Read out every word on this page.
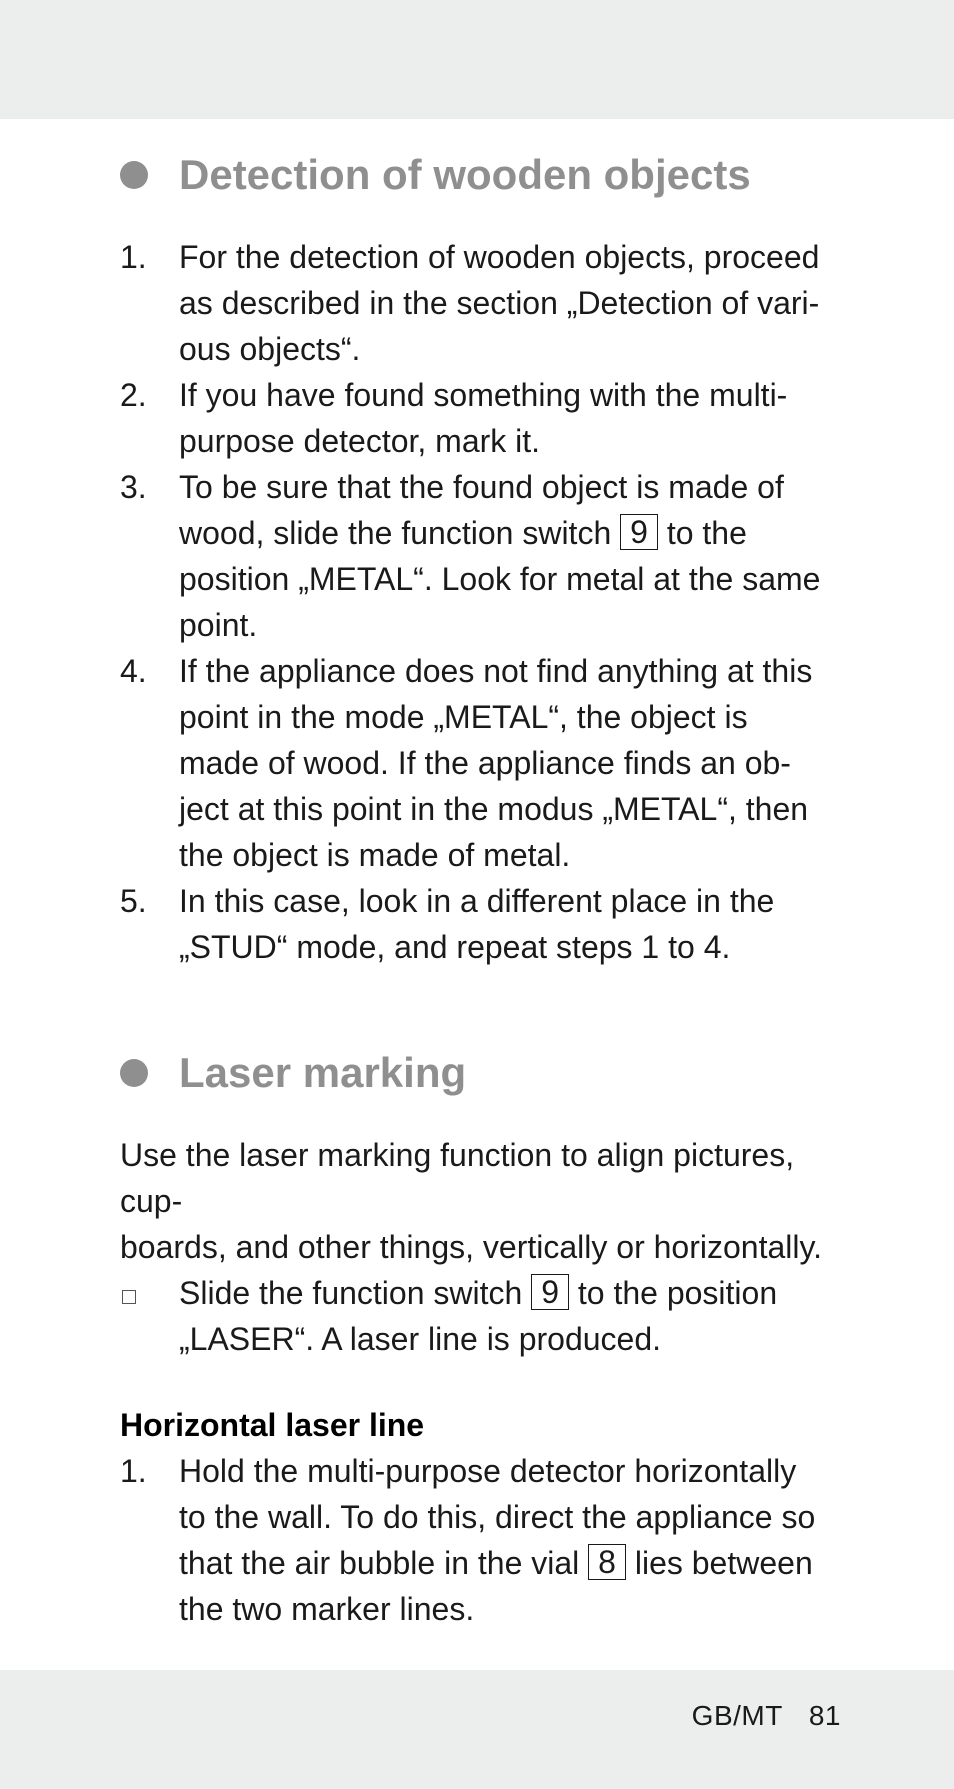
Detection of wooden objects
1. For the detection of wooden objects, proceed
as described in the section „Detection of vari-
ous objects“.
2. If you have found something with the multi-
purpose detector, mark it.
3. To be sure that the found object is made of
wood, slide the function switch 9 to the
position „METAL“. Look for metal at the same
point.
4. If the appliance does not find anything at this
point in the mode „METAL“, the object is
made of wood. If the appliance finds an ob-
ject at this point in the modus „METAL“, then
the object is made of metal.
5. In this case, look in a different place in the
„STUD“ mode, and repeat steps 1 to 4.
Laser marking
Use the laser marking function to align pictures, cup-
boards, and other things, vertically or horizontally.
Slide the function switch 9 to the position
„LASER“. A laser line is produced.
Horizontal laser line
1. Hold the multi-purpose detector horizontally
to the wall. To do this, direct the appliance so
that the air bubble in the vial 8 lies between
the two marker lines.
GB/MT 81
